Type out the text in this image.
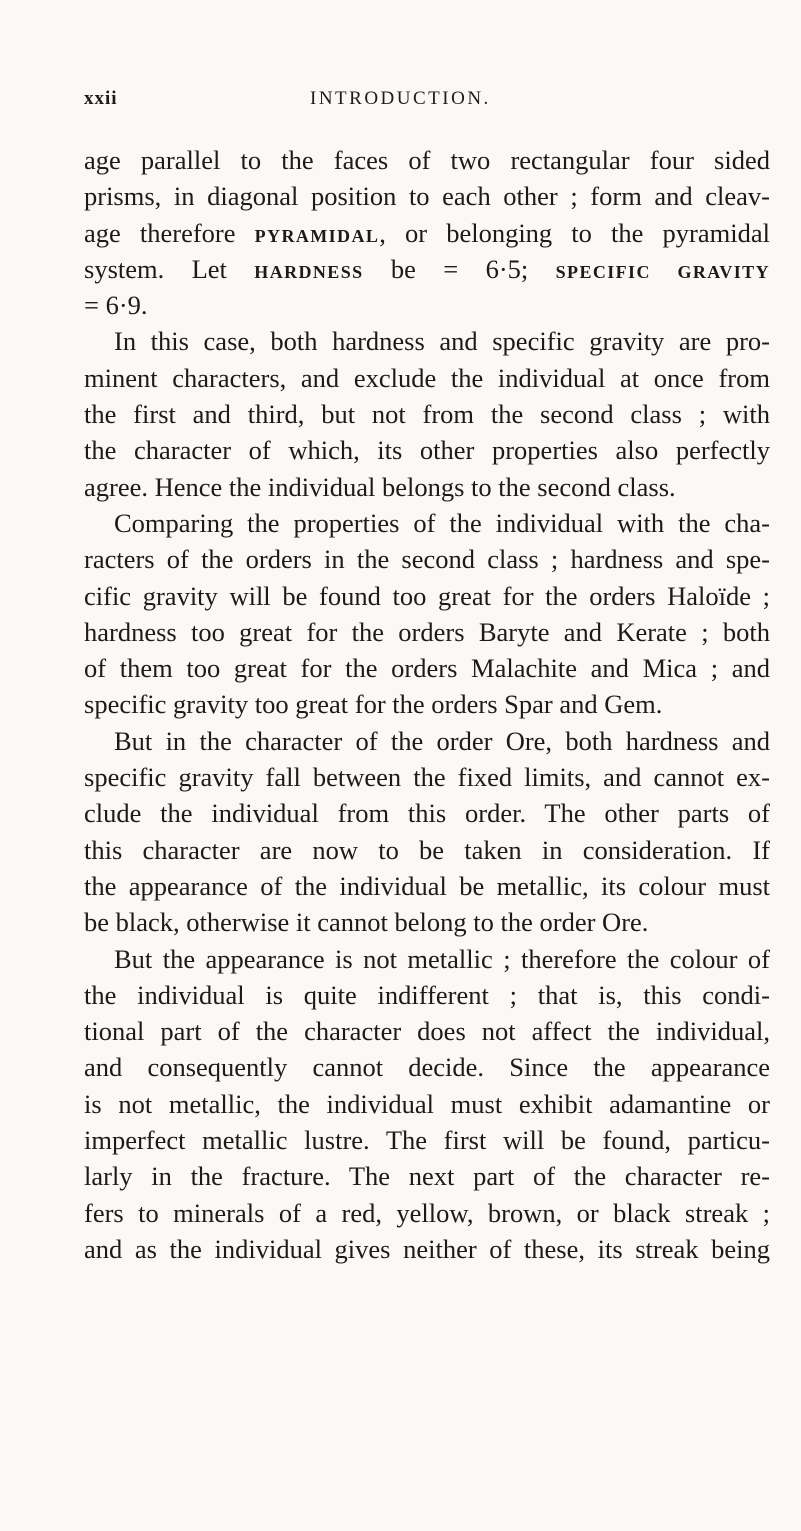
xxii	INTRODUCTION.
age parallel to the faces of two rectangular four sided
prisms, in diagonal position to each other ; form and cleav-
age therefore PYRAMIDAL, or belonging to the pyramidal
system. Let HARDNESS be = 6·5; SPECIFIC GRAVITY
= 6·9.
In this case, both hardness and specific gravity are pro-
minent characters, and exclude the individual at once from
the first and third, but not from the second class ; with
the character of which, its other properties also perfectly
agree. Hence the individual belongs to the second class.
Comparing the properties of the individual with the cha-
racters of the orders in the second class ; hardness and spe-
cific gravity will be found too great for the orders Haloïde ;
hardness too great for the orders Baryte and Kerate ; both
of them too great for the orders Malachite and Mica ; and
specific gravity too great for the orders Spar and Gem.
But in the character of the order Ore, both hardness and
specific gravity fall between the fixed limits, and cannot ex-
clude the individual from this order. The other parts of
this character are now to be taken in consideration. If
the appearance of the individual be metallic, its colour must
be black, otherwise it cannot belong to the order Ore.
But the appearance is not metallic ; therefore the colour of
the individual is quite indifferent ; that is, this condi-
tional part of the character does not affect the individual,
and consequently cannot decide. Since the appearance
is not metallic, the individual must exhibit adamantine or
imperfect metallic lustre. The first will be found, particu-
larly in the fracture. The next part of the character re-
fers to minerals of a red, yellow, brown, or black streak ;
and as the individual gives neither of these, its streak being
